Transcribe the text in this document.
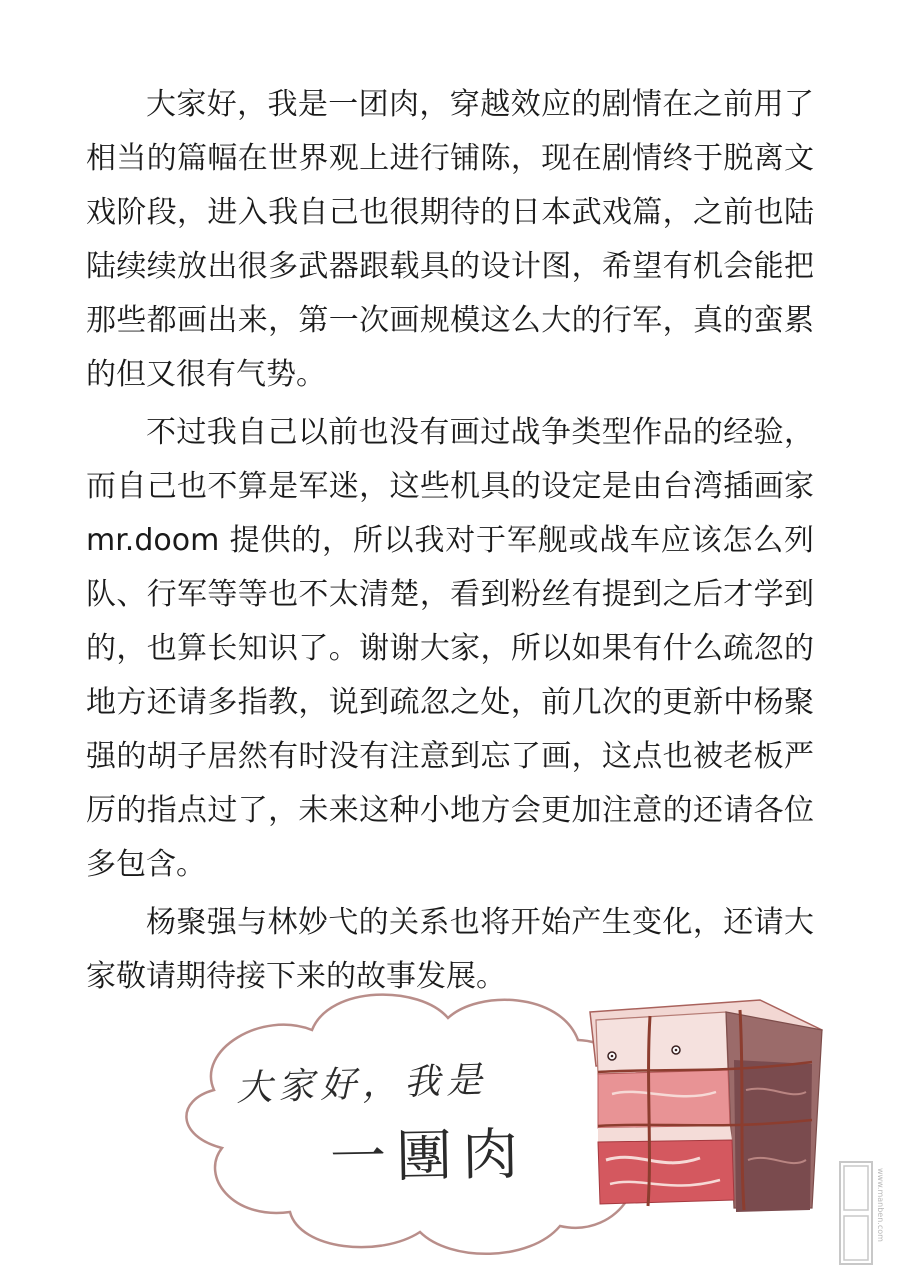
大家好，我是一团肉，穿越效应的剧情在之前用了相当的篇幅在世界观上进行铺陈，现在剧情终于脱离文戏阶段，进入我自己也很期待的日本武戏篇，之前也陆陆续续放出很多武器跟载具的设计图，希望有机会能把那些都画出来，第一次画规模这么大的行军，真的蛮累的但又很有气势。

不过我自己以前也没有画过战争类型作品的经验，而自己也不算是军迷，这些机具的设定是由台湾插画家 mr.doom 提供的，所以我对于军舰或战车应该怎么列队、行军等等也不太清楚，看到粉丝有提到之后才学到的，也算长知识了。谢谢大家，所以如果有什么疏忽的地方还请多指教，说到疏忽之处，前几次的更新中杨聚强的胡子居然有时没有注意到忘了画，这点也被老板严厉的指点过了，未来这种小地方会更加注意的还请各位多包含。

杨聚强与林妙弋的关系也将开始产生变化，还请大家敬请期待接下来的故事发展。

大家好，我是
一團肉
www.manben.com
